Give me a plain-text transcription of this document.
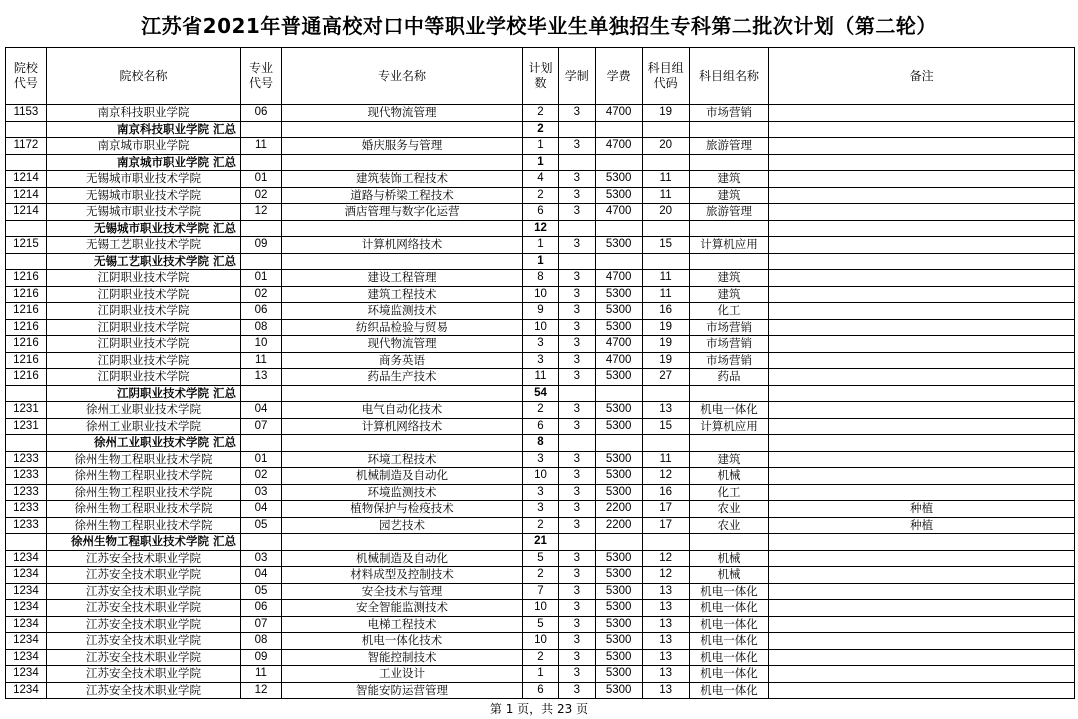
江苏省2021年普通高校对口中等职业学校毕业生单独招生专科第二批次计划（第二轮）
院校代号	院校名称	专业代号	专业名称	计划数	学制	学费	科目组代码	科目组名称	备注
1153	南京科技职业学院	06	现代物流管理	2	3	4700	19	市场营销	
	南京科技职业学院 汇总			2					
1172	南京城市职业学院	11	婚庆服务与管理	1	3	4700	20	旅游管理	
	南京城市职业学院 汇总			1					
1214	无锡城市职业技术学院	01	建筑装饰工程技术	4	3	5300	11	建筑	
1214	无锡城市职业技术学院	02	道路与桥梁工程技术	2	3	5300	11	建筑	
1214	无锡城市职业技术学院	12	酒店管理与数字化运营	6	3	4700	20	旅游管理	
	无锡城市职业技术学院 汇总			12					
1215	无锡工艺职业技术学院	09	计算机网络技术	1	3	5300	15	计算机应用	
	无锡工艺职业技术学院 汇总			1					
1216	江阴职业技术学院	01	建设工程管理	8	3	4700	11	建筑	
1216	江阴职业技术学院	02	建筑工程技术	10	3	5300	11	建筑	
1216	江阴职业技术学院	06	环境监测技术	9	3	5300	16	化工	
1216	江阴职业技术学院	08	纺织品检验与贸易	10	3	5300	19	市场营销	
1216	江阴职业技术学院	10	现代物流管理	3	3	4700	19	市场营销	
1216	江阴职业技术学院	11	商务英语	3	3	4700	19	市场营销	
1216	江阴职业技术学院	13	药品生产技术	11	3	5300	27	药品	
	江阴职业技术学院 汇总			54					
1231	徐州工业职业技术学院	04	电气自动化技术	2	3	5300	13	机电一体化	
1231	徐州工业职业技术学院	07	计算机网络技术	6	3	5300	15	计算机应用	
	徐州工业职业技术学院 汇总			8					
1233	徐州生物工程职业技术学院	01	环境工程技术	3	3	5300	11	建筑	
1233	徐州生物工程职业技术学院	02	机械制造及自动化	10	3	5300	12	机械	
1233	徐州生物工程职业技术学院	03	环境监测技术	3	3	5300	16	化工	
1233	徐州生物工程职业技术学院	04	植物保护与检疫技术	3	3	2200	17	农业	种植
1233	徐州生物工程职业技术学院	05	园艺技术	2	3	2200	17	农业	种植
	徐州生物工程职业技术学院 汇总			21					
1234	江苏安全技术职业学院	03	机械制造及自动化	5	3	5300	12	机械	
1234	江苏安全技术职业学院	04	材料成型及控制技术	2	3	5300	12	机械	
1234	江苏安全技术职业学院	05	安全技术与管理	7	3	5300	13	机电一体化	
1234	江苏安全技术职业学院	06	安全智能监测技术	10	3	5300	13	机电一体化	
1234	江苏安全技术职业学院	07	电梯工程技术	5	3	5300	13	机电一体化	
1234	江苏安全技术职业学院	08	机电一体化技术	10	3	5300	13	机电一体化	
1234	江苏安全技术职业学院	09	智能控制技术	2	3	5300	13	机电一体化	
1234	江苏安全技术职业学院	11	工业设计	1	3	5300	13	机电一体化	
1234	江苏安全技术职业学院	12	智能安防运营管理	6	3	5300	13	机电一体化	
第 1 页，共 23 页
